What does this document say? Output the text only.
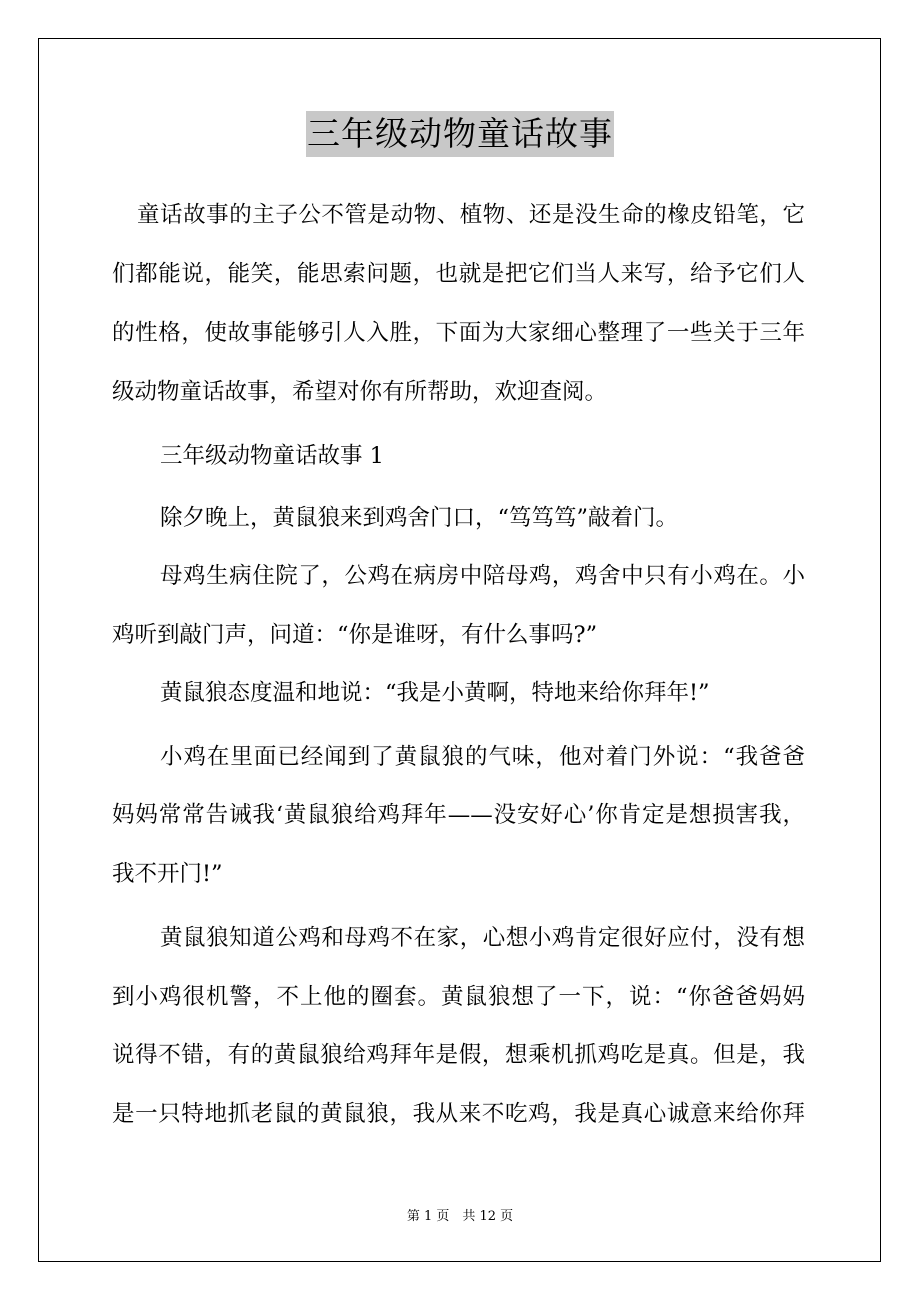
三年级动物童话故事
童话故事的主子公不管是动物、植物、还是没生命的橡皮铅笔，它
们都能说，能笑，能思索问题，也就是把它们当人来写，给予它们人
的性格，使故事能够引人入胜，下面为大家细心整理了一些关于三年
级动物童话故事，希望对你有所帮助，欢迎查阅。
三年级动物童话故事 1
除夕晚上，黄鼠狼来到鸡舍门口，“笃笃笃”敲着门。
母鸡生病住院了，公鸡在病房中陪母鸡，鸡舍中只有小鸡在。小
鸡听到敲门声，问道：“你是谁呀，有什么事吗?”
黄鼠狼态度温和地说：“我是小黄啊，特地来给你拜年!”
小鸡在里面已经闻到了黄鼠狼的气味，他对着门外说：“我爸爸
妈妈常常告诫我‘黄鼠狼给鸡拜年——没安好心’你肯定是想损害我，
我不开门!”
黄鼠狼知道公鸡和母鸡不在家，心想小鸡肯定很好应付，没有想
到小鸡很机警，不上他的圈套。黄鼠狼想了一下，说：“你爸爸妈妈
说得不错，有的黄鼠狼给鸡拜年是假，想乘机抓鸡吃是真。但是，我
是一只特地抓老鼠的黄鼠狼，我从来不吃鸡，我是真心诚意来给你拜
第 1 页　共 12 页
